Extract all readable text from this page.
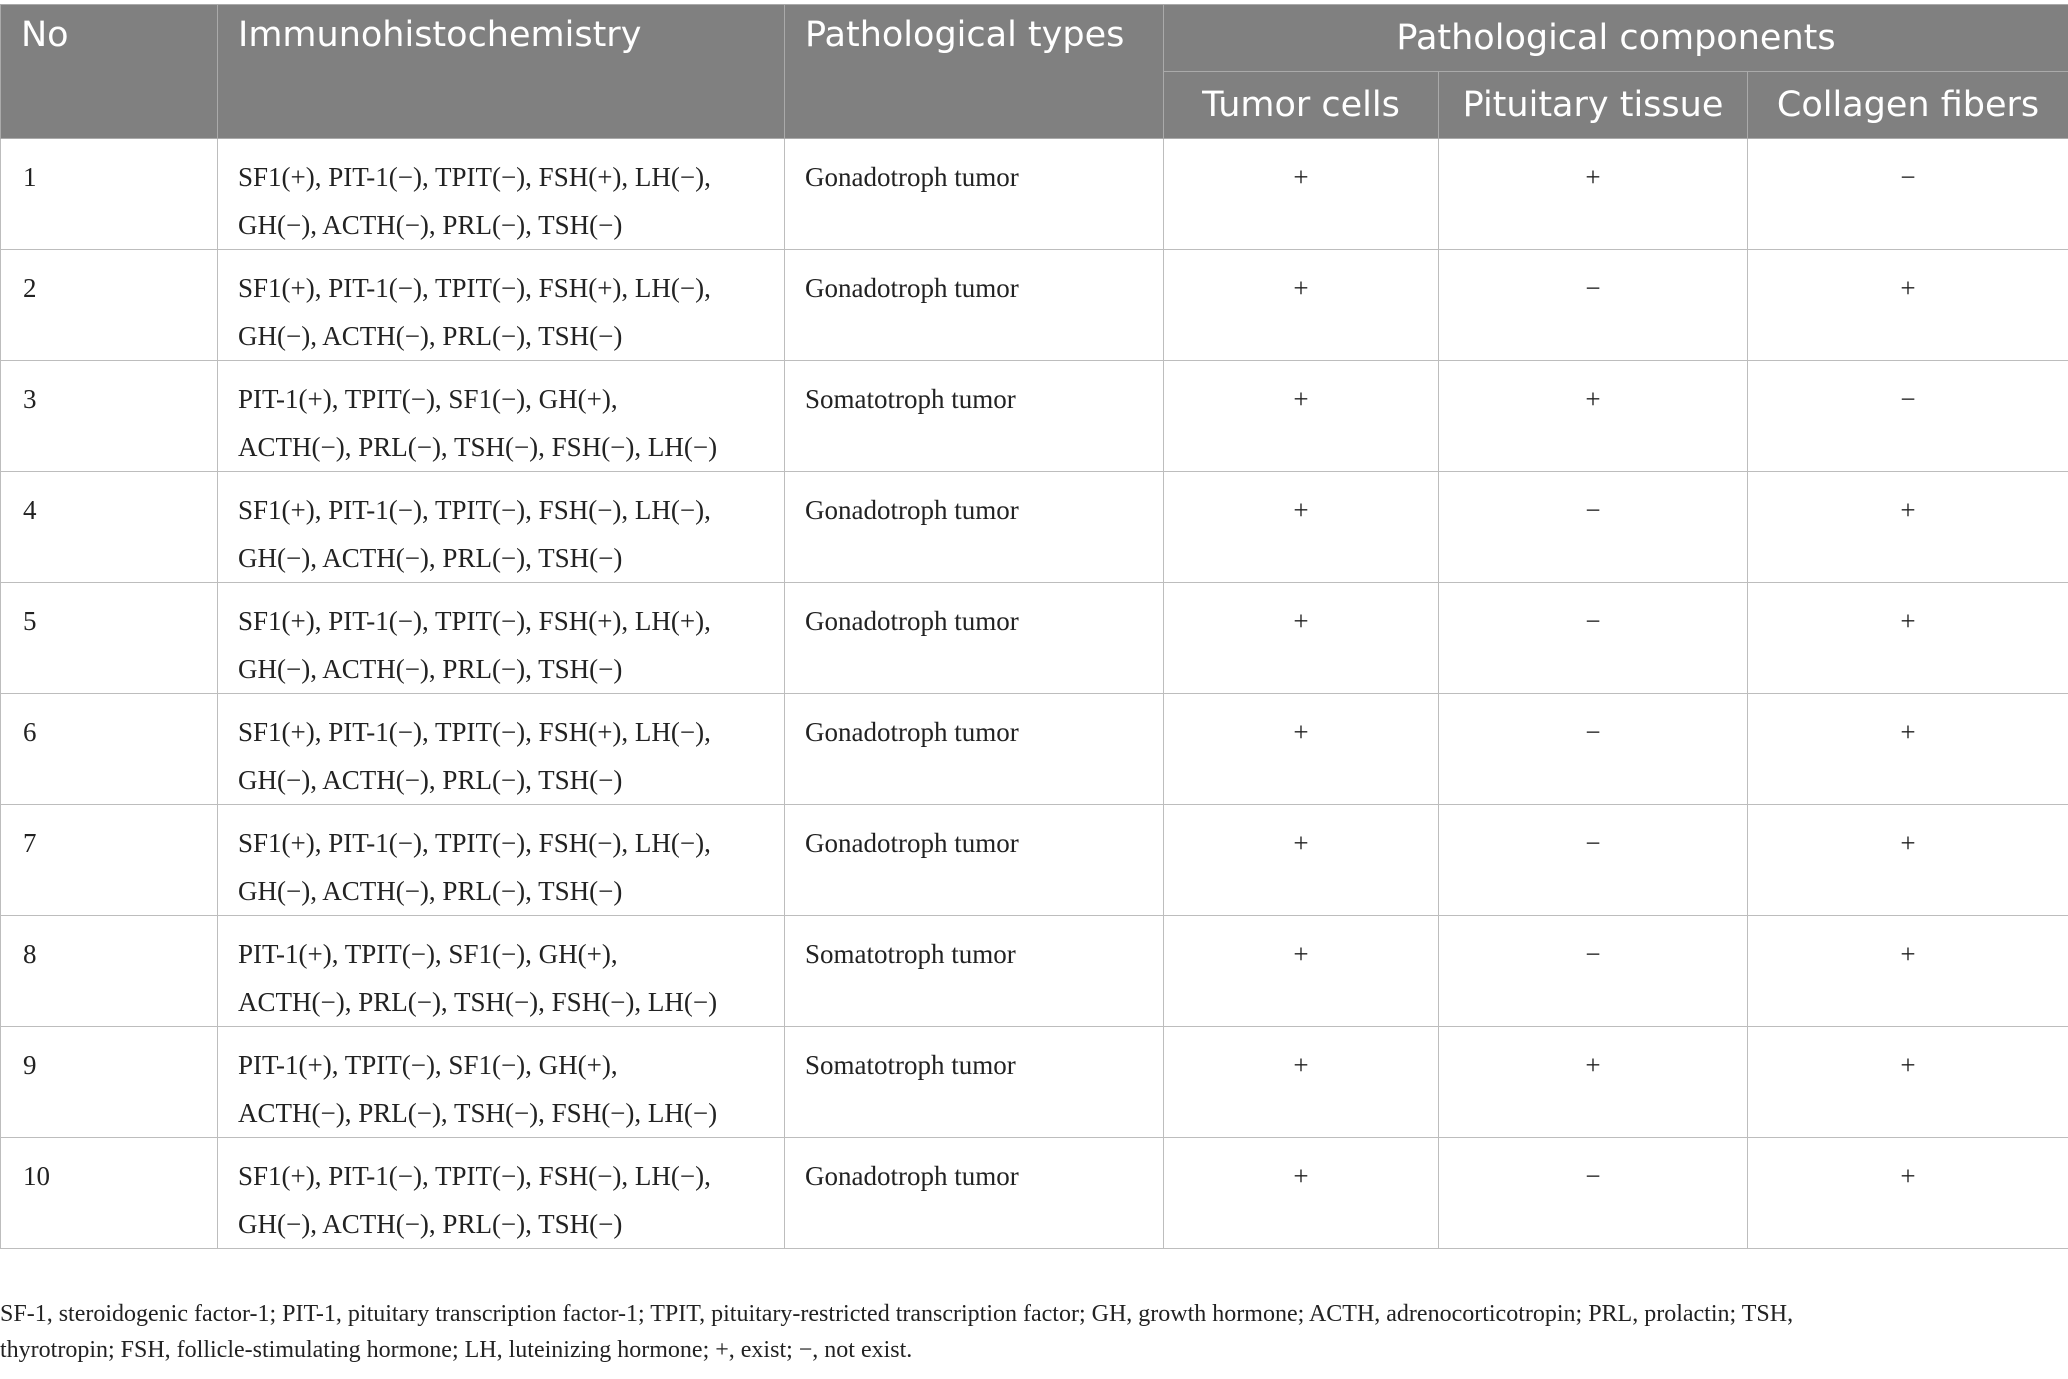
No	Immunohistochemistry	Pathological types	Pathological components		
			Tumor cells	Pituitary tissue	Collagen fibers
1	SF1(+), PIT-1(−), TPIT(−), FSH(+), LH(−),
GH(−), ACTH(−), PRL(−), TSH(−)	Gonadotroph tumor	+	+	−
2	SF1(+), PIT-1(−), TPIT(−), FSH(+), LH(−),
GH(−), ACTH(−), PRL(−), TSH(−)	Gonadotroph tumor	+	−	+
3	PIT-1(+), TPIT(−), SF1(−), GH(+),
ACTH(−), PRL(−), TSH(−), FSH(−), LH(−)	Somatotroph tumor	+	+	−
4	SF1(+), PIT-1(−), TPIT(−), FSH(−), LH(−),
GH(−), ACTH(−), PRL(−), TSH(−)	Gonadotroph tumor	+	−	+
5	SF1(+), PIT-1(−), TPIT(−), FSH(+), LH(+),
GH(−), ACTH(−), PRL(−), TSH(−)	Gonadotroph tumor	+	−	+
6	SF1(+), PIT-1(−), TPIT(−), FSH(+), LH(−),
GH(−), ACTH(−), PRL(−), TSH(−)	Gonadotroph tumor	+	−	+
7	SF1(+), PIT-1(−), TPIT(−), FSH(−), LH(−),
GH(−), ACTH(−), PRL(−), TSH(−)	Gonadotroph tumor	+	−	+
8	PIT-1(+), TPIT(−), SF1(−), GH(+),
ACTH(−), PRL(−), TSH(−), FSH(−), LH(−)	Somatotroph tumor	+	−	+
9	PIT-1(+), TPIT(−), SF1(−), GH(+),
ACTH(−), PRL(−), TSH(−), FSH(−), LH(−)	Somatotroph tumor	+	+	+
10	SF1(+), PIT-1(−), TPIT(−), FSH(−), LH(−),
GH(−), ACTH(−), PRL(−), TSH(−)	Gonadotroph tumor	+	−	+
SF-1, steroidogenic factor-1; PIT-1, pituitary transcription factor-1; TPIT, pituitary-restricted transcription factor; GH, growth hormone; ACTH, adrenocorticotropin; PRL, prolactin; TSH,
thyrotropin; FSH, follicle-stimulating hormone; LH, luteinizing hormone; +, exist; −, not exist.
